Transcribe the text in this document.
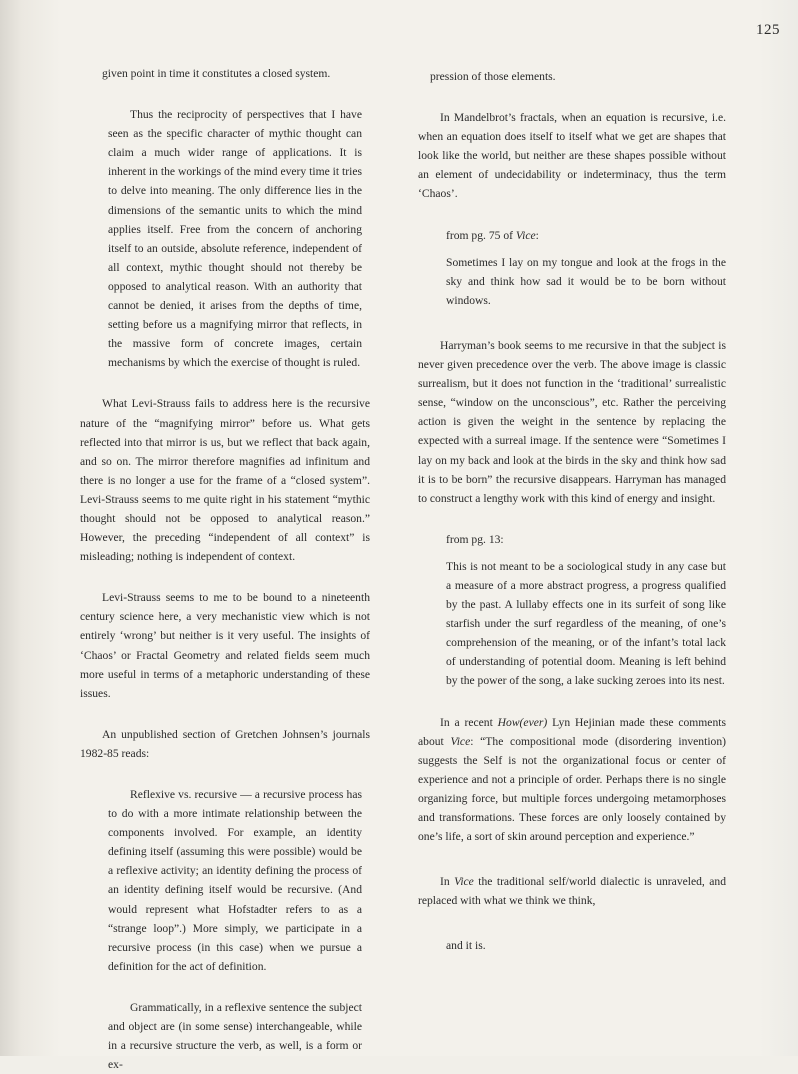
125

given point in time it constitutes a closed system.

Thus the reciprocity of perspectives that I have seen as the specific character of mythic thought can claim a much wider range of applications. It is inherent in the workings of the mind every time it tries to delve into meaning. The only difference lies in the dimensions of the semantic units to which the mind applies itself. Free from the concern of anchoring itself to an outside, absolute reference, independent of all context, mythic thought should not thereby be opposed to analytical reason. With an authority that cannot be denied, it arises from the depths of time, setting before us a magnifying mirror that reflects, in the massive form of concrete images, certain mechanisms by which the exercise of thought is ruled.

What Levi-Strauss fails to address here is the recursive nature of the “magnifying mirror” before us. What gets reflected into that mirror is us, but we reflect that back again, and so on. The mirror therefore magnifies ad infinitum and there is no longer a use for the frame of a “closed system”. Levi-Strauss seems to me quite right in his statement “mythic thought should not be opposed to analytical reason.” However, the preceding “independent of all context” is misleading; nothing is independent of context.

Levi-Strauss seems to me to be bound to a nineteenth century science here, a very mechanistic view which is not entirely ‘wrong’ but neither is it very useful. The insights of ‘Chaos’ or Fractal Geometry and related fields seem much more useful in terms of a metaphoric understanding of these issues.

An unpublished section of Gretchen Johnsen’s journals 1982-85 reads:

Reflexive vs. recursive — a recursive process has to do with a more intimate relationship between the components involved. For example, an identity defining itself (assuming this were possible) would be a reflexive activity; an identity defining the process of an identity defining itself would be recursive. (And would represent what Hofstadter refers to as a “strange loop”.) More simply, we participate in a recursive process (in this case) when we pursue a definition for the act of definition.

Grammatically, in a reflexive sentence the subject and object are (in some sense) interchangeable, while in a recursive structure the verb, as well, is a form or ex-

pression of those elements.

In Mandelbrot’s fractals, when an equation is recursive, i.e. when an equation does itself to itself what we get are shapes that look like the world, but neither are these shapes possible without an element of undecidability or indeterminacy, thus the term ‘Chaos’.

from pg. 75 of Vice:

Sometimes I lay on my tongue and look at the frogs in the sky and think how sad it would be to be born without windows.

Harryman’s book seems to me recursive in that the subject is never given precedence over the verb. The above image is classic surrealism, but it does not function in the ‘traditional’ surrealistic sense, “window on the unconscious”, etc. Rather the perceiving action is given the weight in the sentence by replacing the expected with a surreal image. If the sentence were “Sometimes I lay on my back and look at the birds in the sky and think how sad it is to be born” the recursive disappears. Harryman has managed to construct a lengthy work with this kind of energy and insight.

from pg. 13:

This is not meant to be a sociological study in any case but a measure of a more abstract progress, a progress qualified by the past. A lullaby effects one in its surfeit of song like starfish under the surf regardless of the meaning, of one’s comprehension of the meaning, or of the infant’s total lack of understanding of potential doom. Meaning is left behind by the power of the song, a lake sucking zeroes into its nest.

In a recent How(ever) Lyn Hejinian made these comments about Vice: “The compositional mode (disordering invention) suggests the Self is not the organizational focus or center of experience and not a principle of order. Perhaps there is no single organizing force, but multiple forces undergoing metamorphoses and transformations. These forces are only loosely contained by one’s life, a sort of skin around perception and experience.”

In Vice the traditional self/world dialectic is unraveled, and replaced with what we think we think,

and it is.
